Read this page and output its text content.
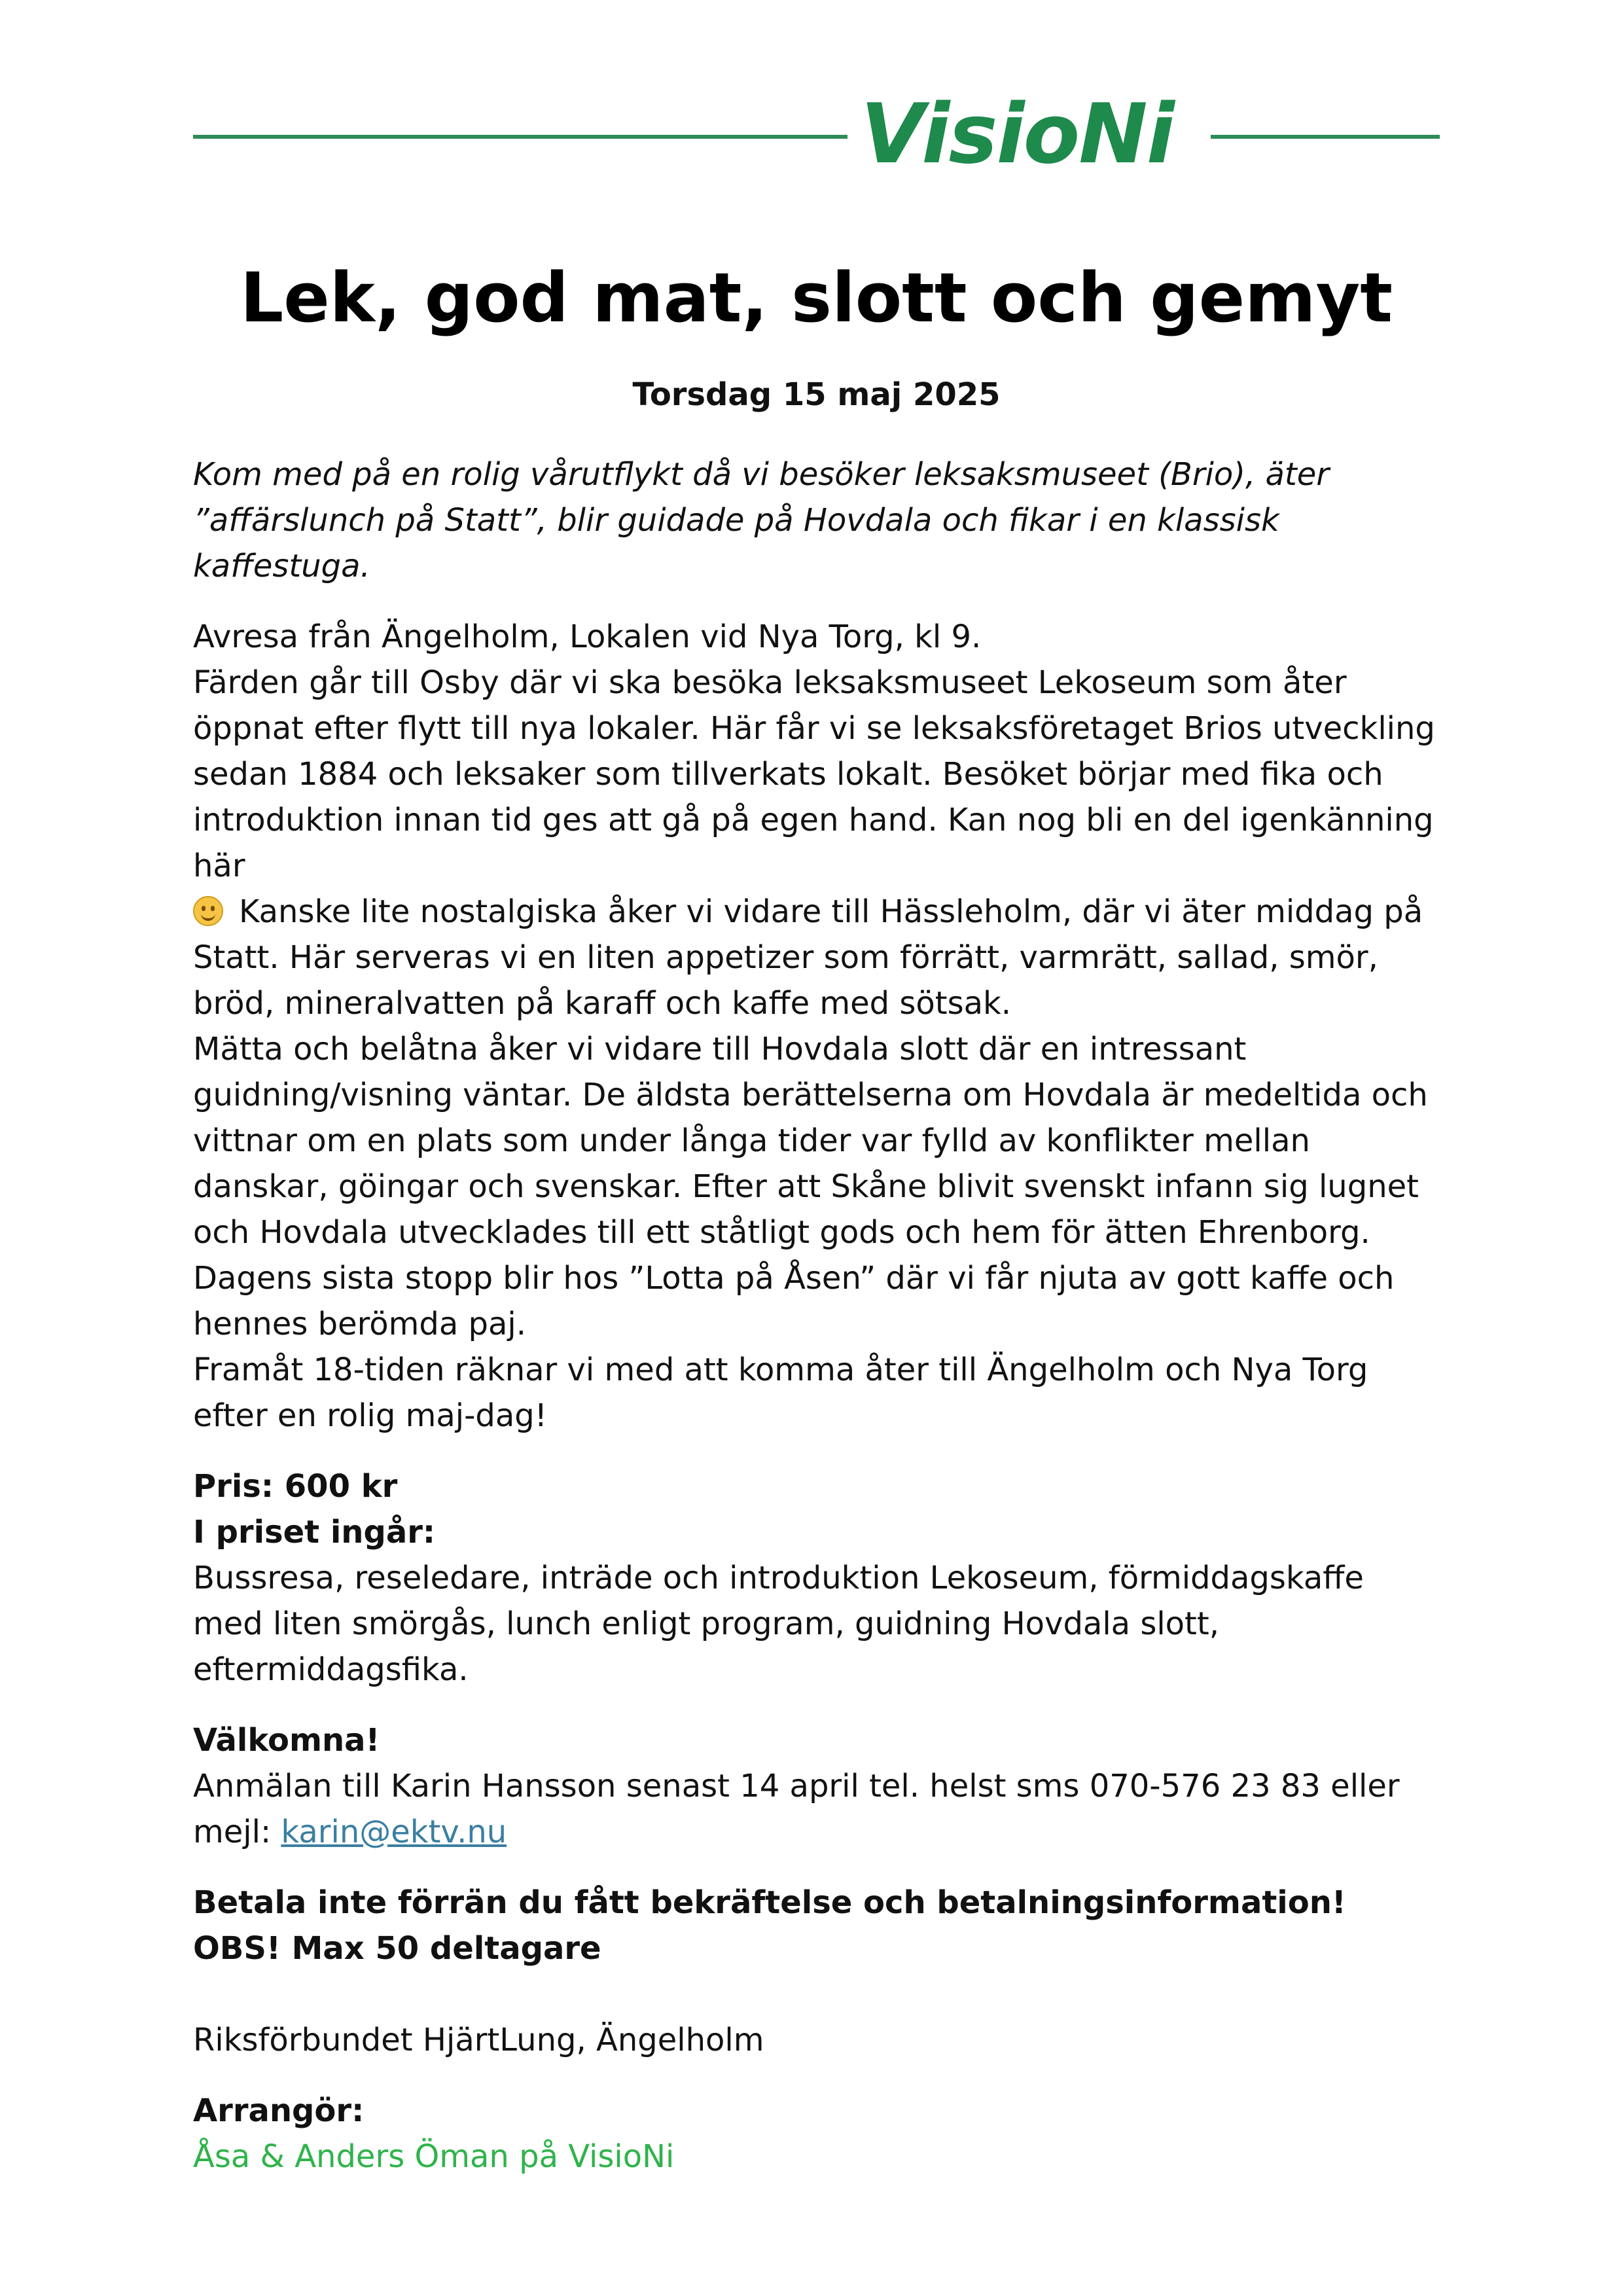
VisioNi
Lek, god mat, slott och gemyt
Torsdag 15 maj 2025

Kom med på en rolig vårutflykt då vi besöker leksaksmuseet (Brio), äter ”affärslunch på Statt”, blir guidade på Hovdala och fikar i en klassisk kaffestuga.

Avresa från Ängelholm, Lokalen vid Nya Torg, kl 9.

Färden går till Osby där vi ska besöka leksaksmuseet Lekoseum som åter öppnat efter flytt till nya lokaler. Här får vi se leksaksföretaget Brios utveckling sedan 1884 och leksaker som tillverkats lokalt. Besöket börjar med fika och introduktion innan tid ges att gå på egen hand. Kan nog bli en del igenkänning här

Kanske lite nostalgiska åker vi vidare till Hässleholm, där vi äter middag på Statt. Här serveras vi en liten appetizer som förrätt, varmrätt, sallad, smör, bröd, mineralvatten på karaff och kaffe med sötsak.

Mätta och belåtna åker vi vidare till Hovdala slott där en intressant guidning/visning väntar. De äldsta berättelserna om Hovdala är medeltida och vittnar om en plats som under långa tider var fylld av konflikter mellan danskar, göingar och svenskar. Efter att Skåne blivit svenskt infann sig lugnet och Hovdala utvecklades till ett ståtligt gods och hem för ätten Ehrenborg.

Dagens sista stopp blir hos ”Lotta på Åsen” där vi får njuta av gott kaffe och hennes berömda paj.

Framåt 18-tiden räknar vi med att komma åter till Ängelholm och Nya Torg efter en rolig maj-dag!

Pris: 600 kr

I priset ingår:

Bussresa, reseledare, inträde och introduktion Lekoseum, förmiddagskaffe med liten smörgås, lunch enligt program, guidning Hovdala slott, eftermiddagsfika.

Välkomna!

Anmälan till Karin Hansson senast 14 april tel. helst sms 070-576 23 83 eller mejl: karin@ektv.nu

Betala inte förrän du fått bekräftelse och betalningsinformation!

OBS! Max 50 deltagare

Riksförbundet HjärtLung, Ängelholm

Arrangör:

Åsa & Anders Öman på VisioNi
